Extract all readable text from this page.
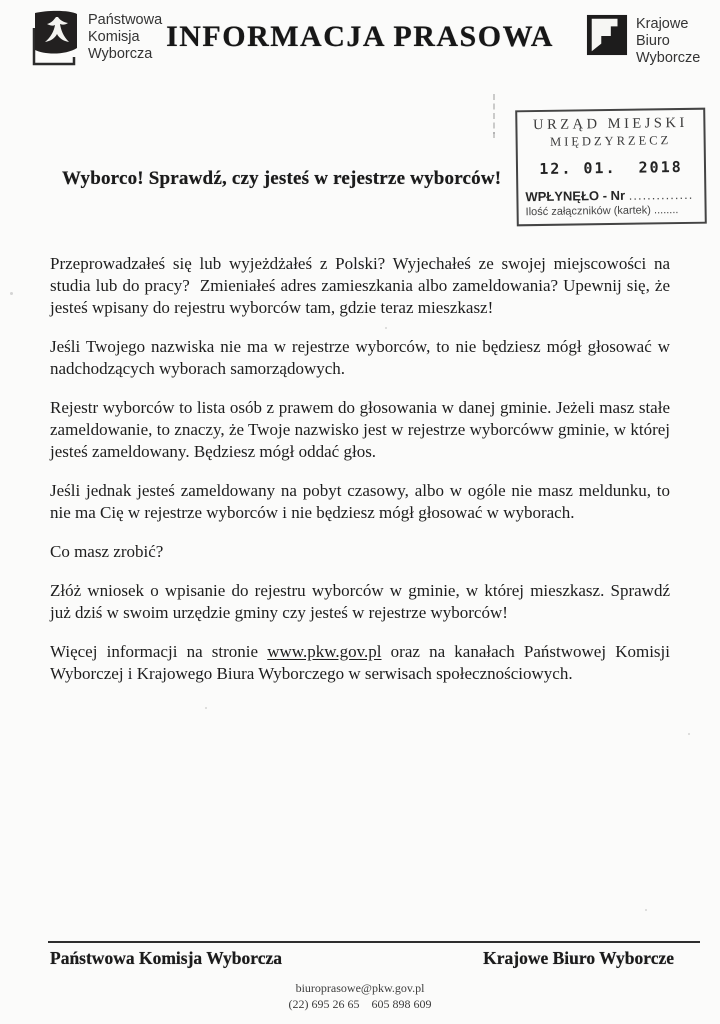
Państwowa
Komisja
Wyborcza
INFORMACJA PRASOWA	Krajowe
Biuro
Wyborcze
URZĄD MIEJSKI
MIĘDZYRZECZ
12. 01.  2018
WPŁYNĘŁO - Nr ..............
Ilość załączników (kartek) ........
Wyborco! Sprawdź, czy jesteś w rejestrze wyborców!

Przeprowadzałeś się lub wyjeżdżałeś z Polski? Wyjechałeś ze swojej miejscowości na studia lub do pracy?  Zmieniałeś adres zamieszkania albo zameldowania? Upewnij się, że jesteś wpisany do rejestru wyborców tam, gdzie teraz mieszkasz!

Jeśli Twojego nazwiska nie ma w rejestrze wyborców, to nie będziesz mógł głosować w nadchodzących wyborach samorządowych.

Rejestr wyborców to lista osób z prawem do głosowania w danej gminie. Jeżeli masz stałe zameldowanie, to znaczy, że Twoje nazwisko jest w rejestrze wyborcóww gminie, w której jesteś zameldowany. Będziesz mógł oddać głos.

Jeśli jednak jesteś zameldowany na pobyt czasowy, albo w ogóle nie masz meldunku, to nie ma Cię w rejestrze wyborców i nie będziesz mógł głosować w wyborach.

Co masz zrobić?

Złóż wniosek o wpisanie do rejestru wyborców w gminie, w której mieszkasz. Sprawdź już dziś w swoim urzędzie gminy czy jesteś w rejestrze wyborców!

Więcej informacji na stronie www.pkw.gov.pl oraz na kanałach Państwowej Komisji Wyborczej i Krajowego Biura Wyborczego w serwisach społecznościowych.

Państwowa Komisja Wyborcza	Krajowe Biuro Wyborcze
biuroprasowe@pkw.gov.pl
(22) 695 26 65    605 898 609
